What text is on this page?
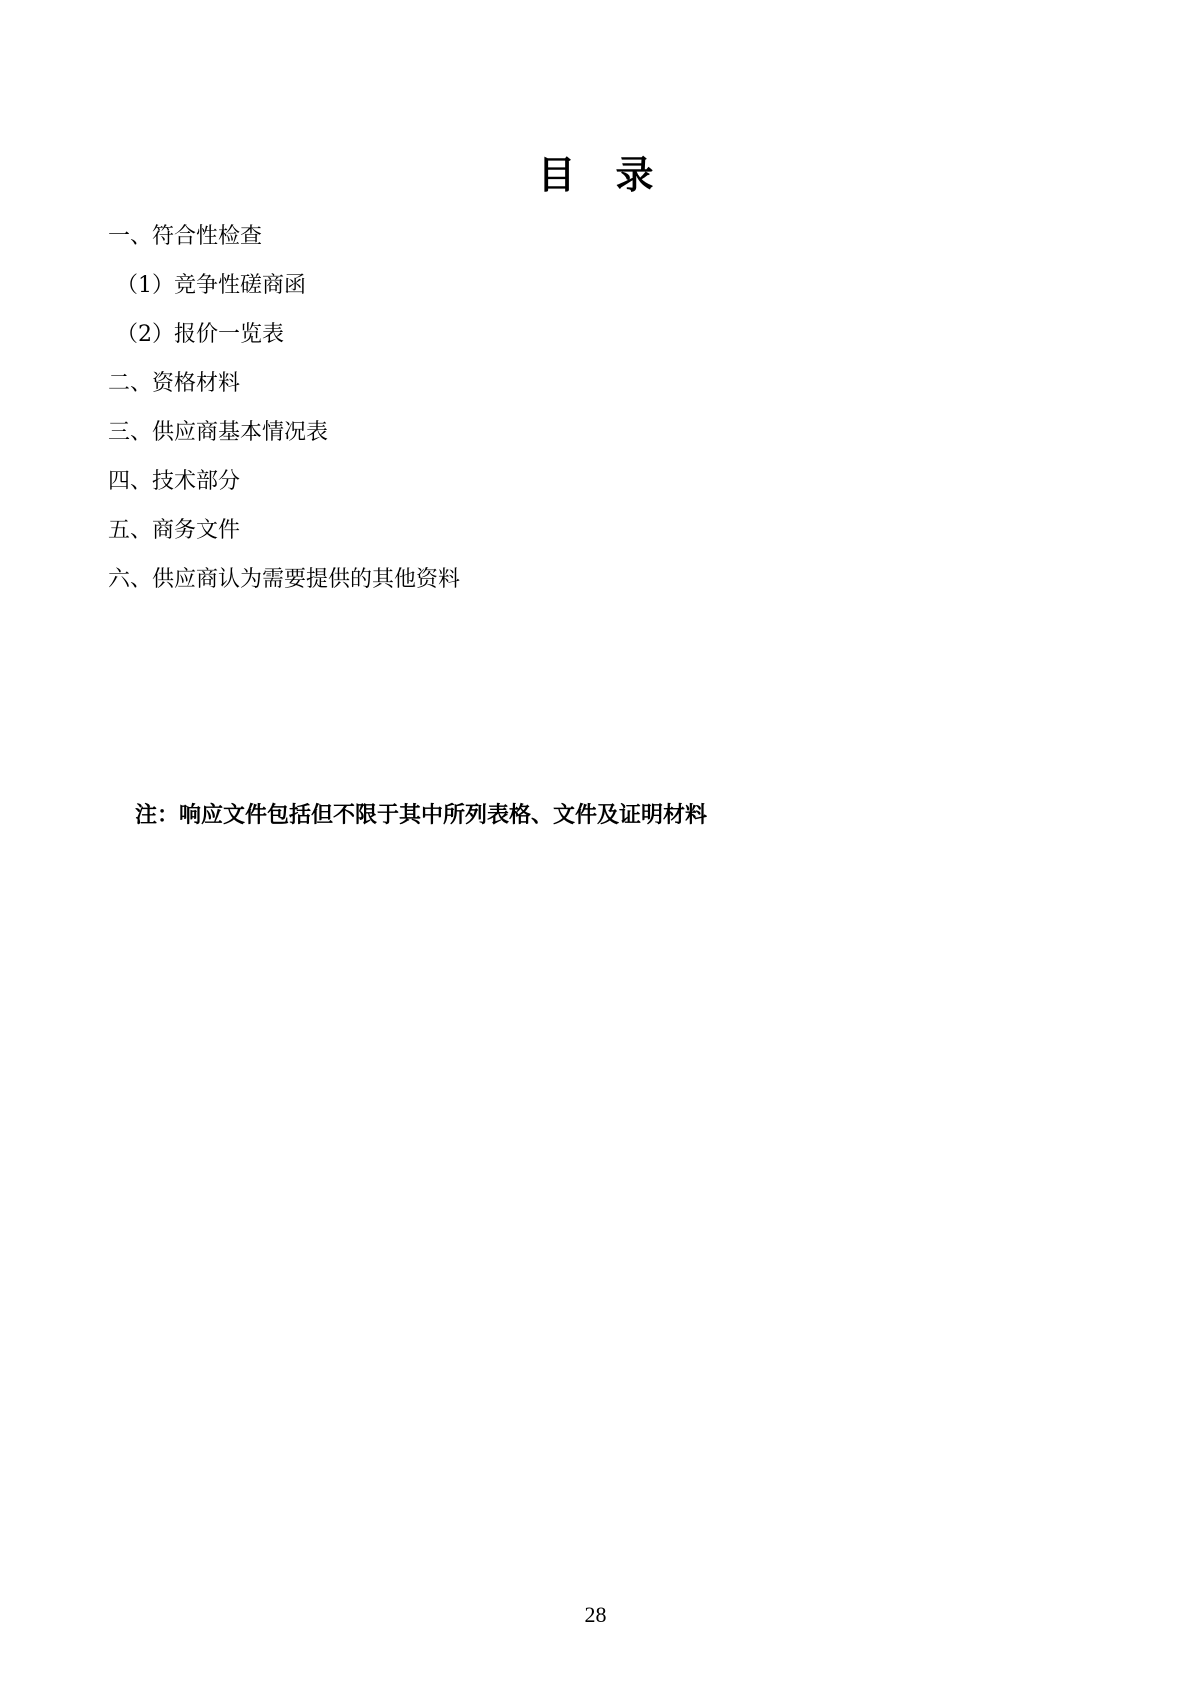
目录
一、符合性检查
（1）竞争性磋商函
（2）报价一览表
二、资格材料
三、供应商基本情况表
四、技术部分
五、商务文件
六、供应商认为需要提供的其他资料
注：响应文件包括但不限于其中所列表格、文件及证明材料
28
